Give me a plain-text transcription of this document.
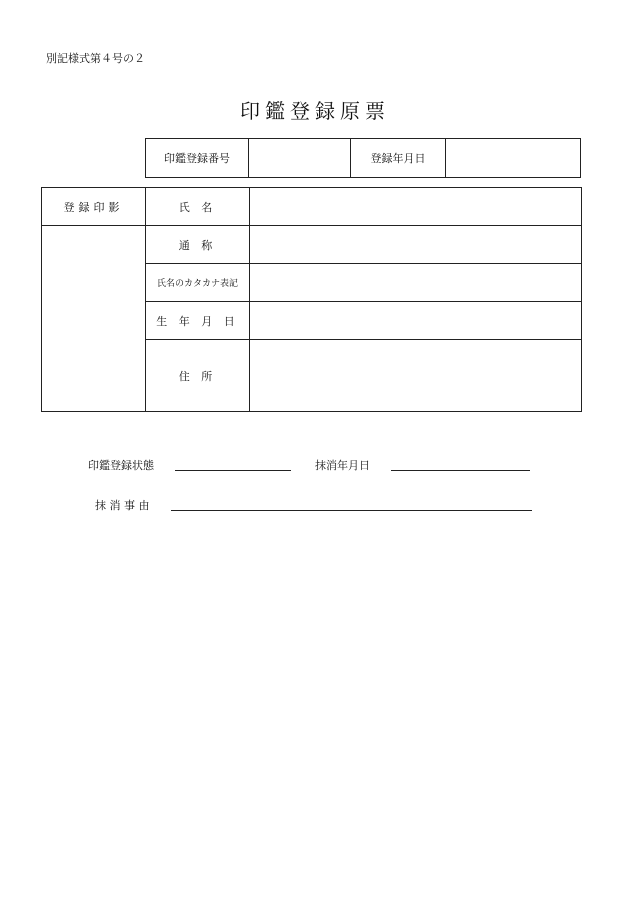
別記様式第４号の２
印鑑登録原票
印鑑登録番号		登録年月日	
登録印影	氏 名	
	通 称	
	氏名のカタカナ表記	
	生 年 月 日	
	住 所	
印鑑登録状態	抹消年月日
抹 消 事 由
